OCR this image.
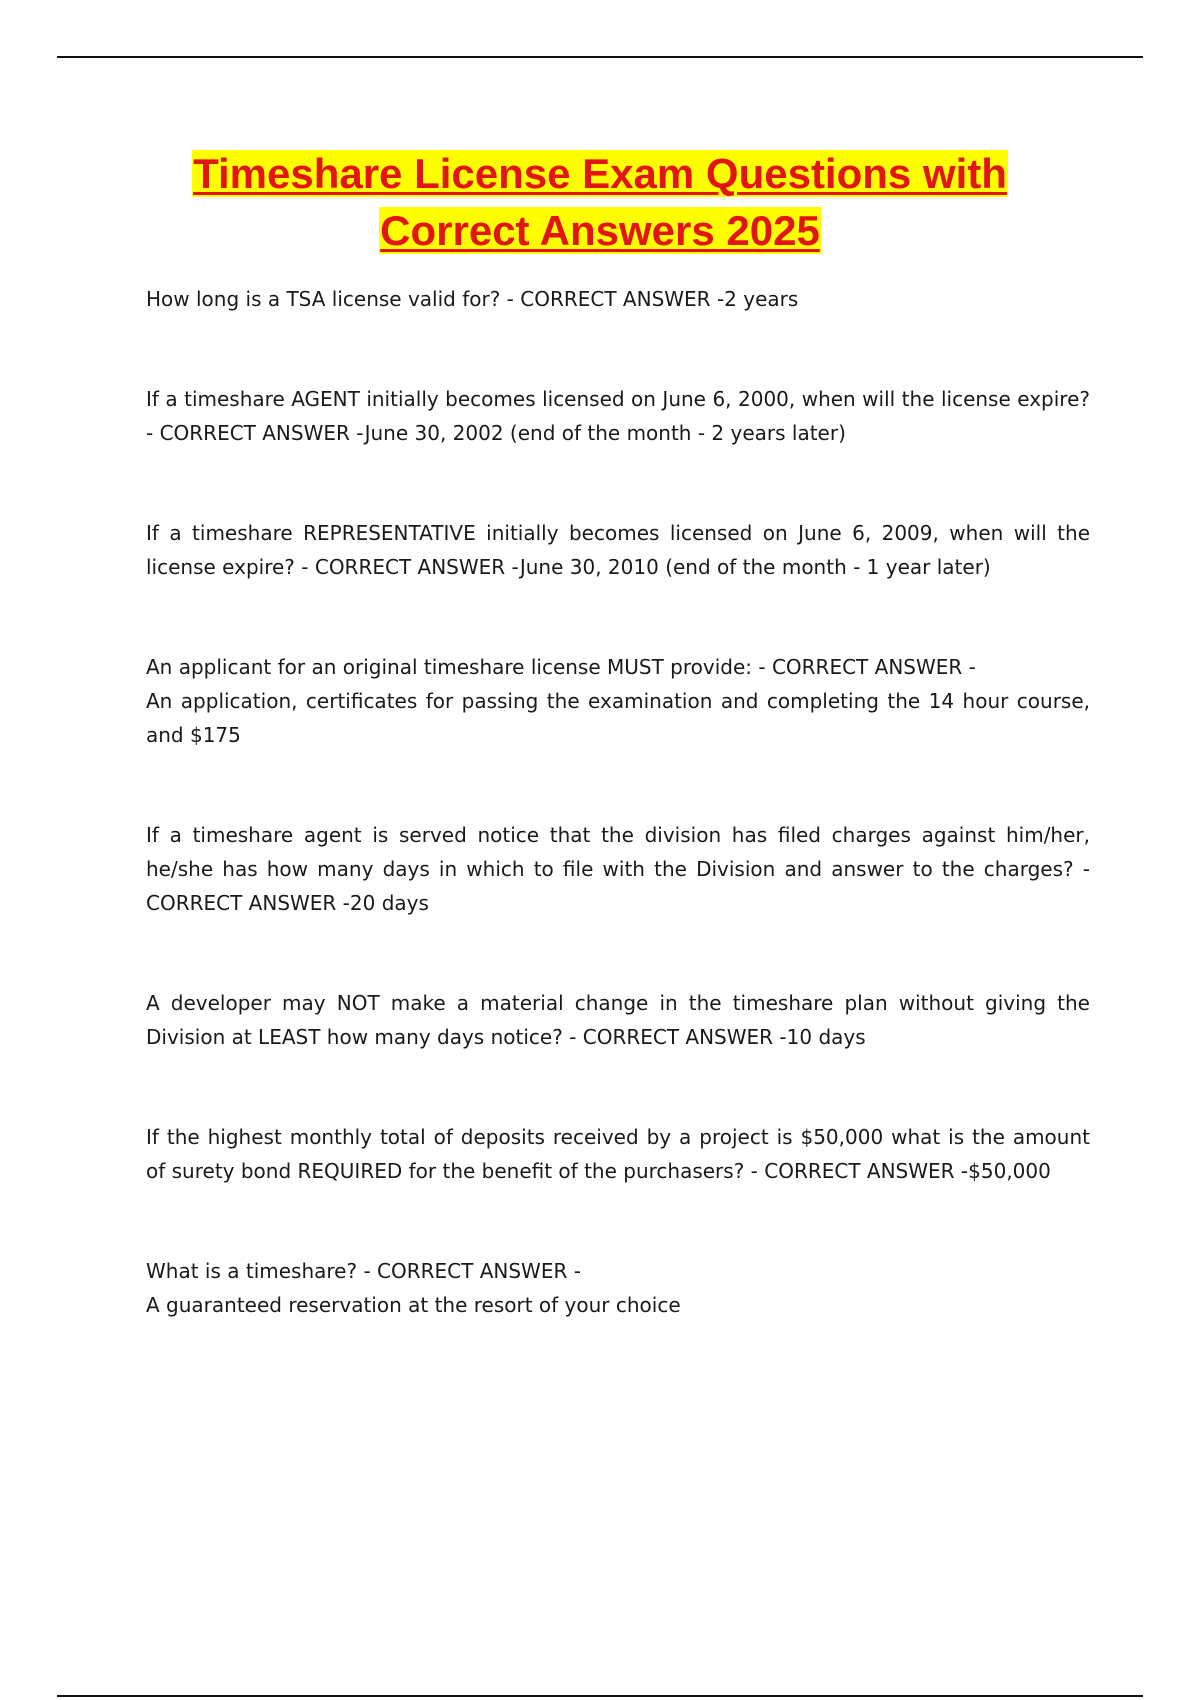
Timeshare License Exam Questions with
Correct Answers 2025

How long is a TSA license valid for? - CORRECT ANSWER -2 years

If a timeshare AGENT initially becomes licensed on June 6, 2000, when will the license expire? - CORRECT ANSWER -June 30, 2002 (end of the month - 2 years later)

If a timeshare REPRESENTATIVE initially becomes licensed on June 6, 2009, when will the license expire? - CORRECT ANSWER -June 30, 2010 (end of the month - 1 year later)

An applicant for an original timeshare license MUST provide: - CORRECT ANSWER -
An application, certificates for passing the examination and completing the 14 hour course, and $175

If a timeshare agent is served notice that the division has filed charges against him/her, he/she has how many days in which to file with the Division and answer to the charges? - CORRECT ANSWER -20 days

A developer may NOT make a material change in the timeshare plan without giving the Division at LEAST how many days notice? - CORRECT ANSWER -10 days

If the highest monthly total of deposits received by a project is $50,000 what is the amount of surety bond REQUIRED for the benefit of the purchasers? - CORRECT ANSWER -$50,000

What is a timeshare? - CORRECT ANSWER -
A guaranteed reservation at the resort of your choice
